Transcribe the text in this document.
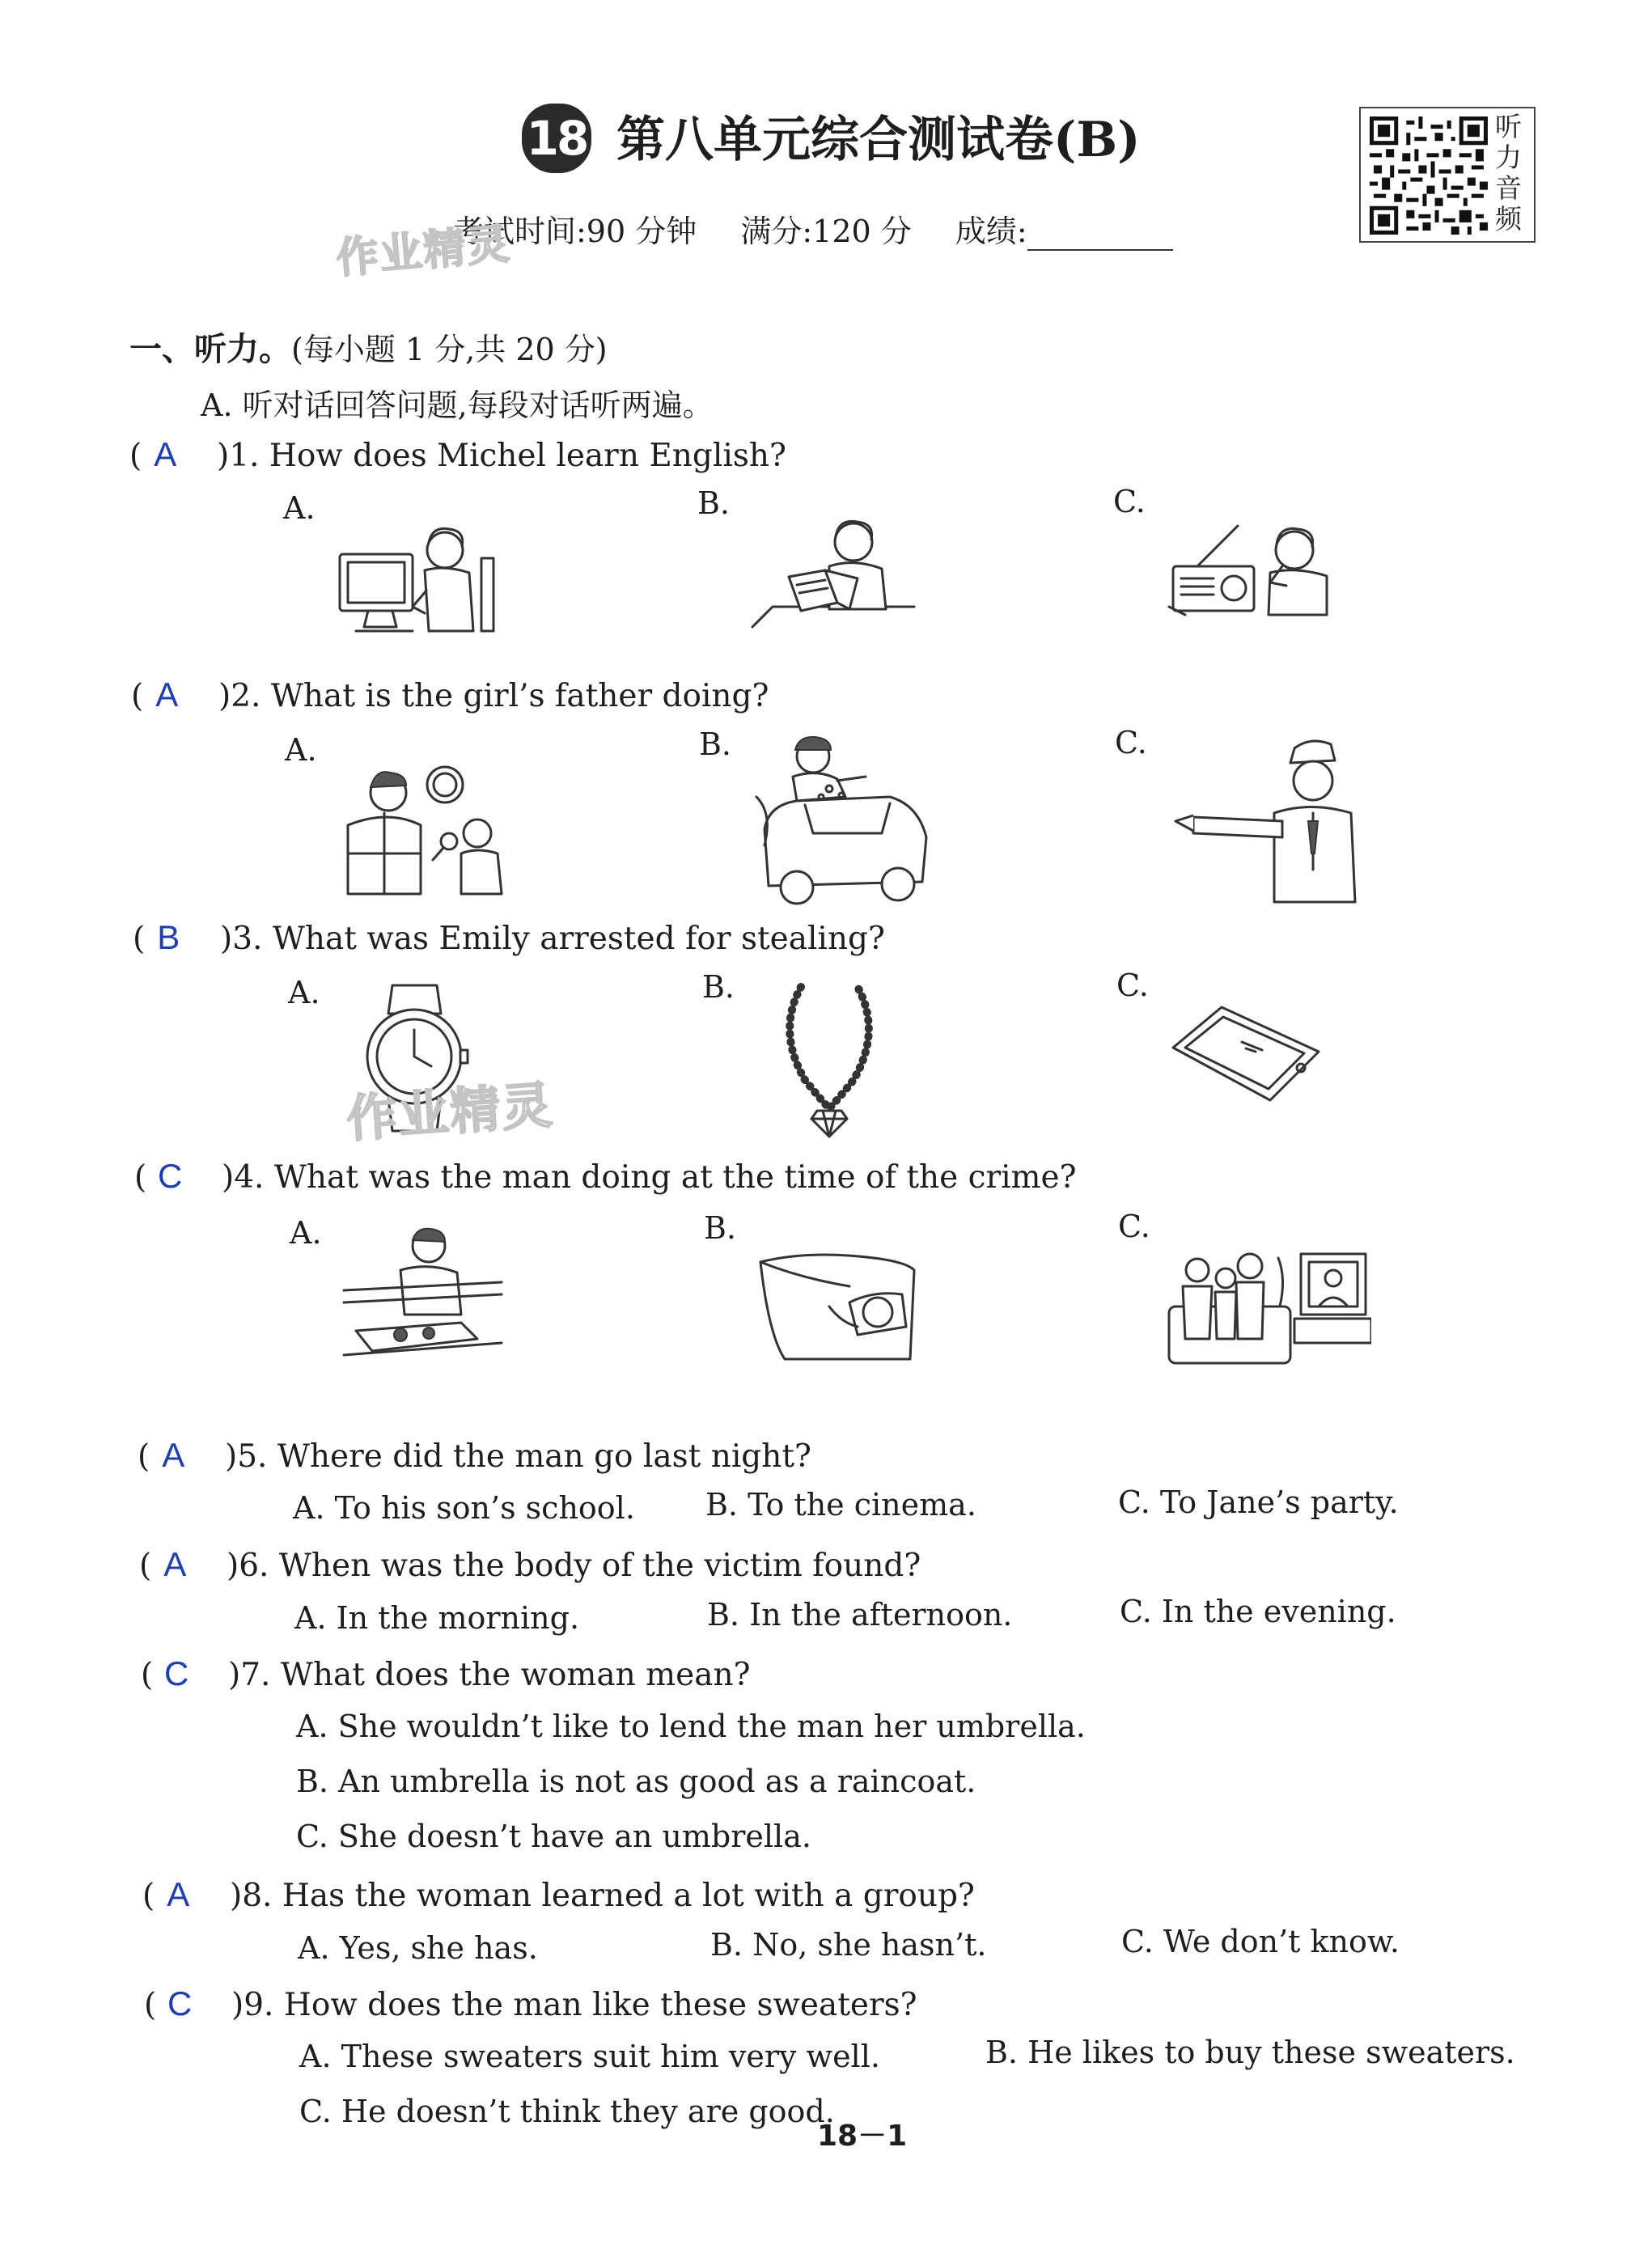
18 第八单元综合测试卷(B)
考试时间:90 分钟 满分:120 分 成绩:
作业精灵
听力音频
一、听力。(每小题 1 分,共 20 分)
A. 听对话回答问题,每段对话听两遍。
( A )1. How does Michel learn English?
A.	B.	C.
( A )2. What is the girl’s father doing?
A.	B.	C.
( B )3. What was Emily arrested for stealing?
A.	B.	C.
作业精灵
( C )4. What was the man doing at the time of the crime?
A.	B.	C.
( A )5. Where did the man go last night?
A. To his son’s school. B. To the cinema.	C. To Jane’s party.
( A )6. When was the body of the victim found?
A. In the morning.	B. In the afternoon.	C. In the evening.
( C )7. What does the woman mean?
A. She wouldn’t like to lend the man her umbrella.
B. An umbrella is not as good as a raincoat.
C. She doesn’t have an umbrella.
( A )8. Has the woman learned a lot with a group?
A. Yes, she has.	B. No, she hasn’t.	C. We don’t know.
( C )9. How does the man like these sweaters?
A. These sweaters suit him very well.	B. He likes to buy these sweaters.
C. He doesn’t think they are good.
18－1
